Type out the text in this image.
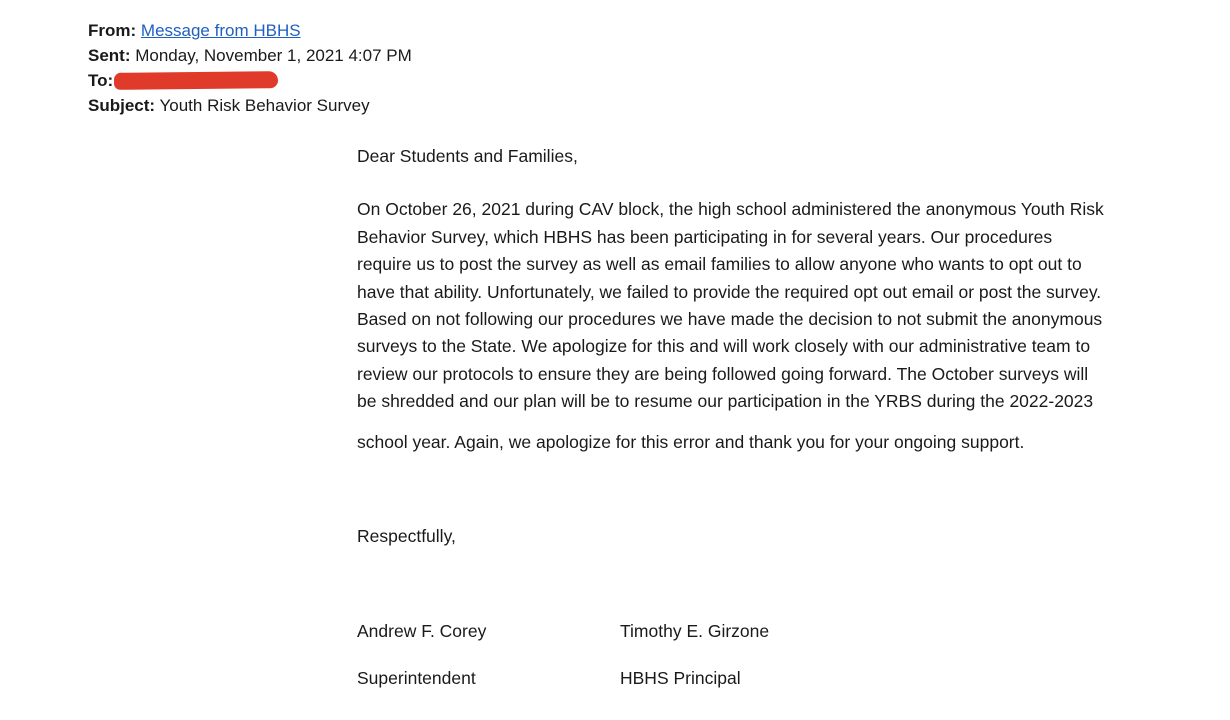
From: Message from HBHS
Sent: Monday, November 1, 2021 4:07 PM
To:
Subject: Youth Risk Behavior Survey

Dear Students and Families,

On October 26, 2021 during CAV block, the high school administered the anonymous Youth Risk
Behavior Survey, which HBHS has been participating in for several years. Our procedures
require us to post the survey as well as email families to allow anyone who wants to opt out to
have that ability. Unfortunately, we failed to provide the required opt out email or post the survey.
Based on not following our procedures we have made the decision to not submit the anonymous
surveys to the State. We apologize for this and will work closely with our administrative team to
review our protocols to ensure they are being followed going forward. The October surveys will
be shredded and our plan will be to resume our participation in the YRBS during the 2022-2023
school year. Again, we apologize for this error and thank you for your ongoing support.
Respectfully,
Andrew F. Corey
Superintendent
Timothy E. Girzone
HBHS Principal
